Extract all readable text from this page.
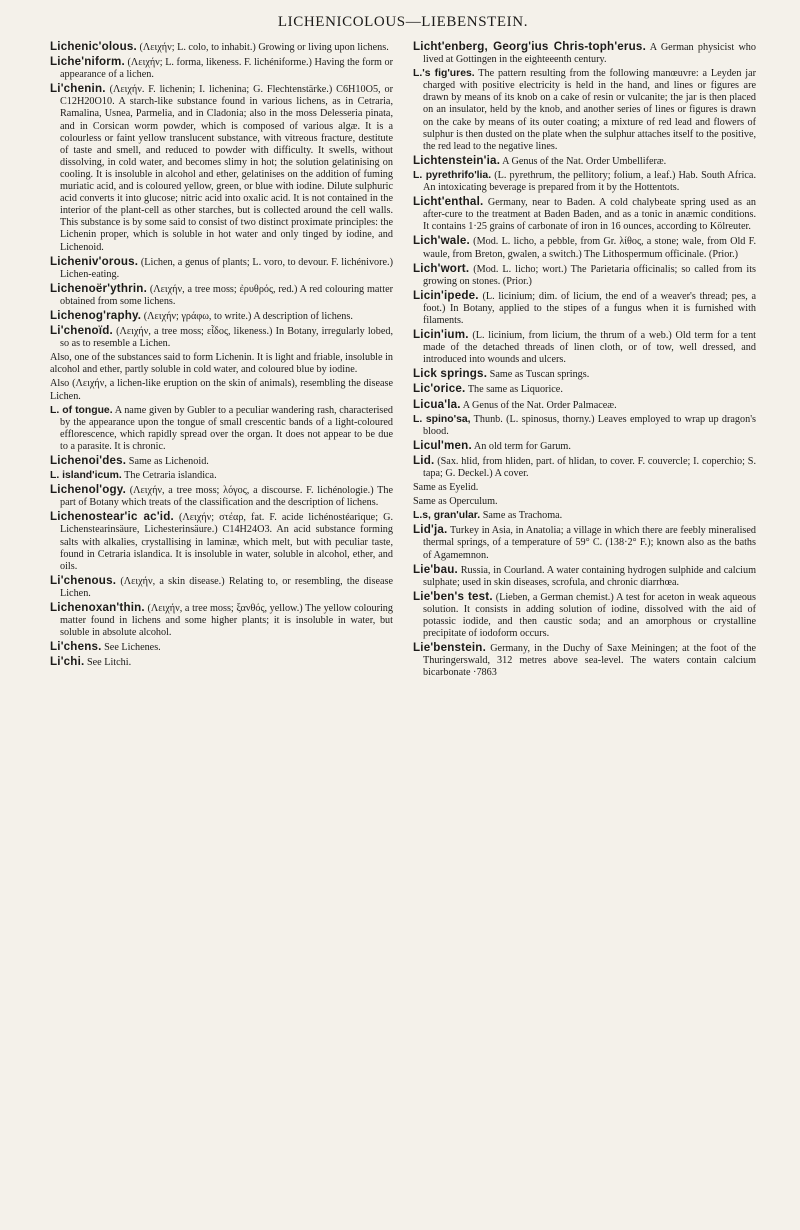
LICHENICOLOUS—LIEBENSTEIN.

Lichenic'olous. (Λειχήν; L. colo, to inhabit.) Growing or living upon lichens.

Liche'niform. (Λειχήν; L. forma, likeness. F. lichéniforme.) Having the form or appearance of a lichen.

Li'chenin. (Λειχήν. F. lichenin; I. lichenina; G. Flechtenstärke.) C6H10O5, or C12H20O10. A starch-like substance found in various lichens, as in Cetraria, Ramalina, Usnea, Parmelia, and in Cladonia; also in the moss Delesseria pinata, and in Corsican worm powder, which is composed of various algæ. It is a colourless or faint yellow translucent substance, with vitreous fracture, destitute of taste and smell, and reduced to powder with difficulty. It swells, without dissolving, in cold water, and becomes slimy in hot; the solution gelatinising on cooling. It is insoluble in alcohol and ether, gelatinises on the addition of fuming muriatic acid, and is coloured yellow, green, or blue with iodine. Dilute sulphuric acid converts it into glucose; nitric acid into oxalic acid. It is not contained in the interior of the plant-cell as other starches, but is collected around the cell walls. This substance is by some said to consist of two distinct proximate principles: the Lichenin proper, which is soluble in hot water and only tinged by iodine, and Lichenoid.

Licheniv'orous. (Lichen, a genus of plants; L. voro, to devour. F. lichénivore.) Lichen-eating.

Lichenoër'ythrin. (Λειχήν, a tree moss; ἐρυθρός, red.) A red colouring matter obtained from some lichens.

Lichenog'raphy. (Λειχήν; γράφω, to write.) A description of lichens.

Li'chenoïd. (Λειχήν, a tree moss; εἶδος, likeness.) In Botany, irregularly lobed, so as to resemble a Lichen.

Also, one of the substances said to form Lichenin. It is light and friable, insoluble in alcohol and ether, partly soluble in cold water, and coloured blue by iodine.

Also (Λειχήν, a lichen-like eruption on the skin of animals), resembling the disease Lichen.

L. of tongue. A name given by Gubler to a peculiar wandering rash, characterised by the appearance upon the tongue of small crescentic bands of a light-coloured efflorescence, which rapidly spread over the organ. It does not appear to be due to a parasite. It is chronic.

Lichenoi'des. Same as Lichenoid.

L. island'icum. The Cetraria islandica.

Lichenol'ogy. (Λειχήν, a tree moss; λόγος, a discourse. F. lichénologie.) The part of Botany which treats of the classification and the description of lichens.

Lichenostear'ic ac'id. (Λειχήν; στέαρ, fat. F. acide lichénostéarique; G. Lichenstearinsäure, Lichesterinsäure.) C14H24O3. An acid substance forming salts with alkalies, crystallising in laminæ, which melt, but with peculiar taste, found in Cetraria islandica. It is insoluble in water, soluble in alcohol, ether, and oils.

Li'chenous. (Λειχήν, a skin disease.) Relating to, or resembling, the disease Lichen.

Lichenoxan'thin. (Λειχήν, a tree moss; ξανθός, yellow.) The yellow colouring matter found in lichens and some higher plants; it is insoluble in water, but soluble in absolute alcohol.

Li'chens. See Lichenes.

Li'chi. See Litchi.

Licht'enberg, Georg'ius Chris-toph'erus. A German physicist who lived at Gottingen in the eighteeenth century.

L.'s fig'ures. The pattern resulting from the following manœuvre: a Leyden jar charged with positive electricity is held in the hand, and lines or figures are drawn by means of its knob on a cake of resin or vulcanite; the jar is then placed on an insulator, held by the knob, and another series of lines or figures is drawn on the cake by means of its outer coating; a mixture of red lead and flowers of sulphur is then dusted on the plate when the sulphur attaches itself to the positive, the red lead to the negative lines.

Lichtenstein'ia. A Genus of the Nat. Order Umbelliferæ.

L. pyrethrifo'lia. (L. pyrethrum, the pellitory; folium, a leaf.) Hab. South Africa. An intoxicating beverage is prepared from it by the Hottentots.

Licht'enthal. Germany, near to Baden. A cold chalybeate spring used as an after-cure to the treatment at Baden Baden, and as a tonic in anæmic conditions. It contains 1·25 grains of carbonate of iron in 16 ounces, according to Kölreuter.

Lich'wale. (Mod. L. licho, a pebble, from Gr. λίθος, a stone; wale, from Old F. waule, from Breton, gwalen, a switch.) The Lithospermum officinale. (Prior.)

Lich'wort. (Mod. L. licho; wort.) The Parietaria officinalis; so called from its growing on stones. (Prior.)

Licin'ipede. (L. licinium; dim. of licium, the end of a weaver's thread; pes, a foot.) In Botany, applied to the stipes of a fungus when it is furnished with filaments.

Licin'ium. (L. licinium, from licium, the thrum of a web.) Old term for a tent made of the detached threads of linen cloth, or of tow, well dressed, and introduced into wounds and ulcers.

Lick springs. Same as Tuscan springs.

Lic'orice. The same as Liquorice.

Licua'la. A Genus of the Nat. Order Palmaceæ.

L. spino'sa, Thunb. (L. spinosus, thorny.) Leaves employed to wrap up dragon's blood.

Licul'men. An old term for Garum.

Lid. (Sax. hlid, from hliden, part. of hlidan, to cover. F. couvercle; I. coperchio; S. tapa; G. Deckel.) A cover.

Same as Eyelid.

Same as Operculum.

L.s, gran'ular. Same as Trachoma.

Lid'ja. Turkey in Asia, in Anatolia; a village in which there are feebly mineralised thermal springs, of a temperature of 59° C. (138·2° F.); known also as the baths of Agamemnon.

Lie'bau. Russia, in Courland. A water containing hydrogen sulphide and calcium sulphate; used in skin diseases, scrofula, and chronic diarrhœa.

Lie'ben's test. (Lieben, a German chemist.) A test for aceton in weak aqueous solution. It consists in adding solution of iodine, dissolved with the aid of potassic iodide, and then caustic soda; and an amorphous or crystalline precipitate of iodoform occurs.

Lie'benstein. Germany, in the Duchy of Saxe Meiningen; at the foot of the Thuringerswald, 312 metres above sea-level. The waters contain calcium bicarbonate ·7863
